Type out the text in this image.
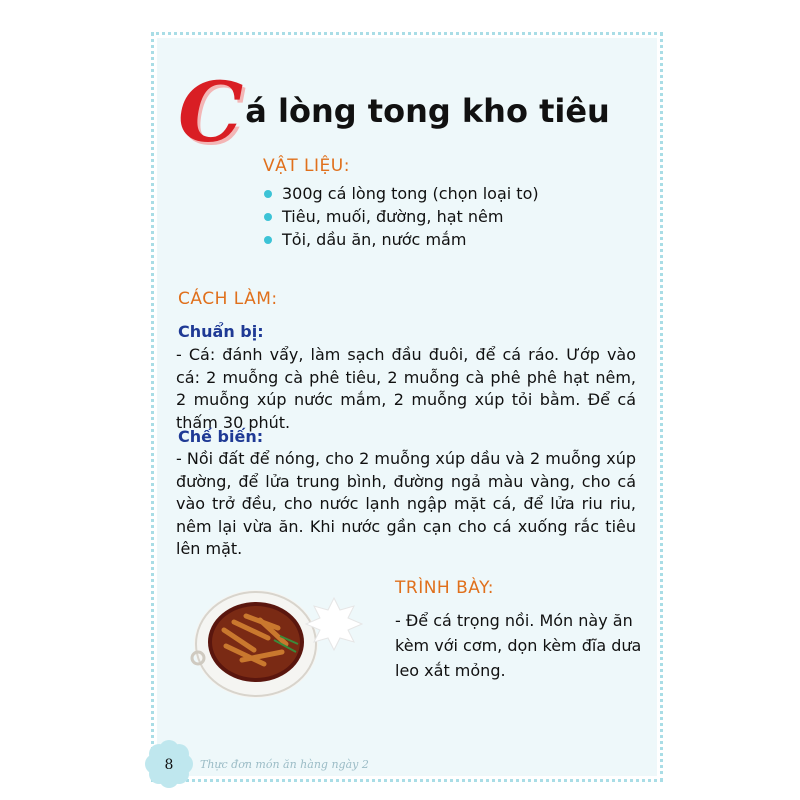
C á lòng tong kho tiêu
VẬT LIỆU:
300g cá lòng tong (chọn loại to)
Tiêu, muối, đường, hạt nêm
Tỏi, dầu ăn, nước mắm
CÁCH LÀM:
Chuẩn bị:

- Cá: đánh vẩy, làm sạch đầu đuôi, để cá ráo. Ướp vào cá: 2 muỗng cà phê tiêu, 2 muỗng cà phê phê hạt nêm, 2 muỗng xúp nước mắm, 2 muỗng xúp tỏi bằm. Để cá thấm 30 phút.

Chế biến:

- Nồi đất để nóng, cho 2 muỗng xúp dầu và 2 muỗng xúp đường, để lửa trung bình, đường ngả màu vàng, cho cá vào trở đều, cho nước lạnh ngập mặt cá, để lửa riu riu, nêm lại vừa ăn. Khi nước gần cạn cho cá xuống rắc tiêu lên mặt.

TRÌNH BÀY:

- Để cá trọng nồi. Món này ăn kèm với cơm, dọn kèm đĩa dưa leo xắt mỏng.

8	Thực đơn món ăn hàng ngày 2
